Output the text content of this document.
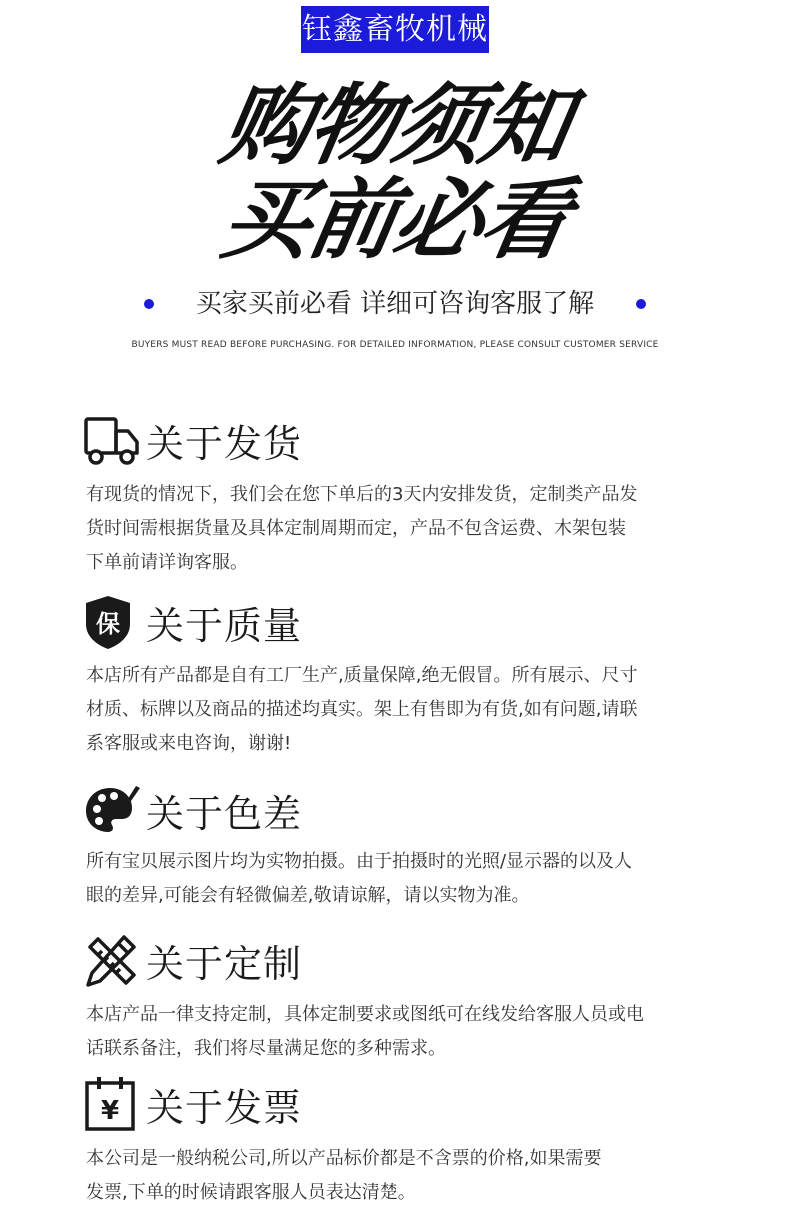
钰鑫畜牧机械
购物须知
买前必看
买家买前必看 详细可咨询客服了解
BUYERS MUST READ BEFORE PURCHASING. FOR DETAILED INFORMATION, PLEASE CONSULT CUSTOMER SERVICE
关于发货

有现货的情况下，我们会在您下单后的3天内安排发货，定制类产品发

货时间需根据货量及具体定制周期而定，产品不包含运费、木架包装

下单前请详询客服。

保 关于质量

本店所有产品都是自有工厂生产,质量保障,绝无假冒。所有展示、尺寸

材质、标牌以及商品的描述均真实。架上有售即为有货,如有问题,请联

系客服或来电咨询，谢谢!

关于色差

所有宝贝展示图片均为实物拍摄。由于拍摄时的光照/显示器的以及人

眼的差异,可能会有轻微偏差,敬请谅解，请以实物为准。

关于定制

本店产品一律支持定制，具体定制要求或图纸可在线发给客服人员或电

话联系备注，我们将尽量满足您的多种需求。

¥ 关于发票

本公司是一般纳税公司,所以产品标价都是不含票的价格,如果需要

发票,下单的时候请跟客服人员表达清楚。
